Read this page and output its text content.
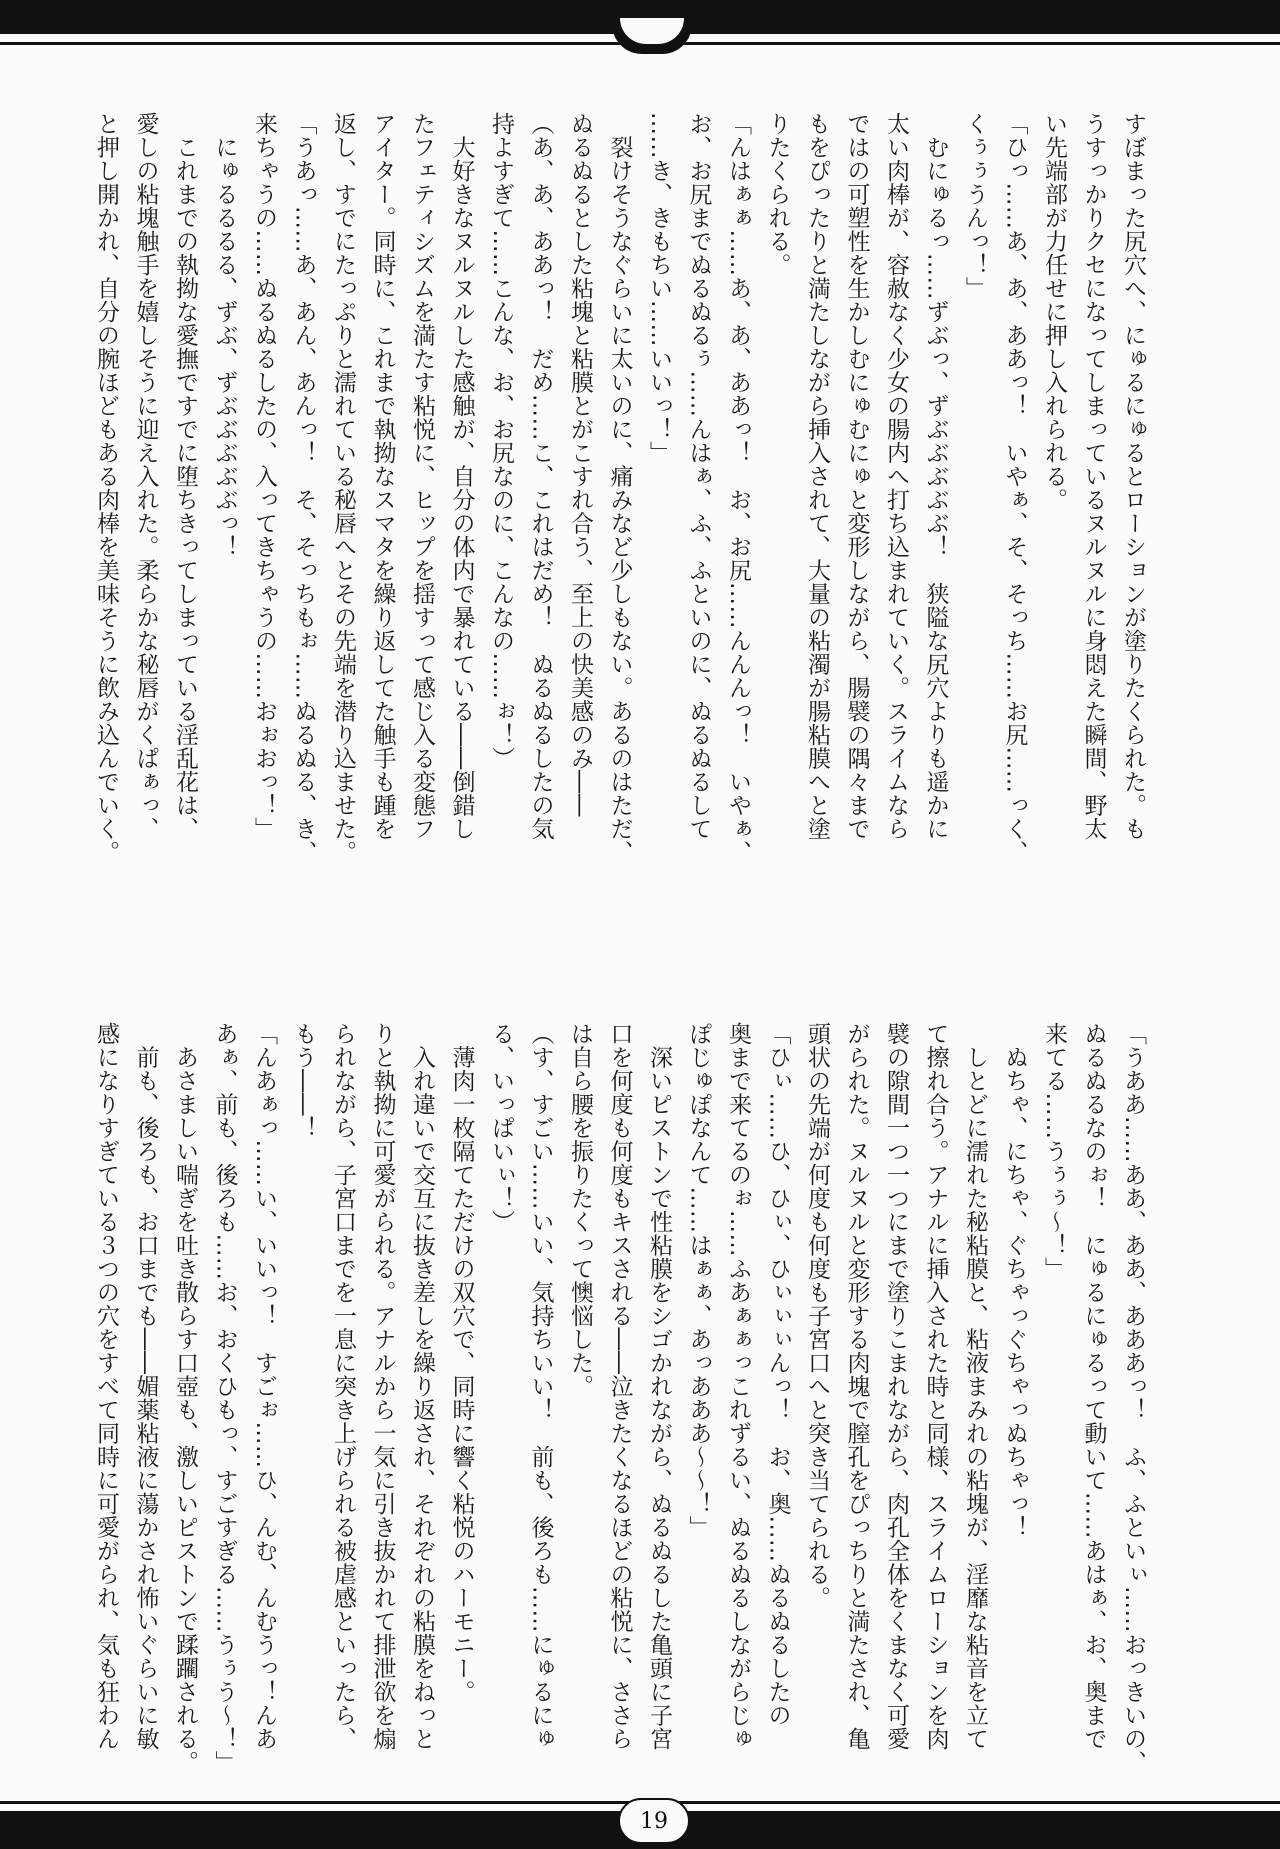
すぼまった尻穴へ、にゅるにゅるとローションが塗りたくられた。も

うすっかりクセになってしまっているヌルヌルに身悶えた瞬間、野太

い先端部が力任せに押し入れられる。

「ひっ……あ、あ、ああっ！　いやぁ、そ、そっち……お尻……っく、

くぅぅうんっ！」

　むにゅるっ……ずぶっ、ずぶぶぶぶぶ！　狭隘な尻穴よりも遥かに

太い肉棒が、容赦なく少女の腸内へ打ち込まれていく。スライムなら

ではの可塑性を生かしむにゅむにゅと変形しながら、腸襞の隅々まで

もをぴったりと満たしながら挿入されて、大量の粘濁が腸粘膜へと塗

りたくられる。

「んはぁぁ……あ、あ、ああっ！　お、お尻……んんんっ！　いやぁ、

お、お尻までぬるぬるぅ……んはぁ、ふ、ふといのに、ぬるぬるして

……き、きもちい……いいっ！」

　裂けそうなぐらいに太いのに、痛みなど少しもない。あるのはただ、

ぬるぬるとした粘塊と粘膜とがこすれ合う、至上の快美感のみ――

（あ、あ、ああっ！　だめ……こ、これはだめ！　ぬるぬるしたの気

持よすぎて……こんな、お、お尻なのに、こんなの……ぉ！）

　大好きなヌルヌルした感触が、自分の体内で暴れている――倒錯し

たフェティシズムを満たす粘悦に、ヒップを揺すって感じ入る変態フ

アイター。同時に、これまで執拗なスマタを繰り返してた触手も踵を

返し、すでにたっぷりと濡れている秘唇へとその先端を潜り込ませた。

「うあっ……あ、あん、あんっ！　そ、そっちもぉ……ぬるぬる、き、

来ちゃうの……ぬるぬるしたの、入ってきちゃうの……おぉおっ！」

　にゅるるるる、ずぶ、ずぶぶぶぶぶっ！

　これまでの執拗な愛撫ですでに堕ちきってしまっている淫乱花は、

愛しの粘塊触手を嬉しそうに迎え入れた。柔らかな秘唇がくぱぁっ、

と押し開かれ、自分の腕ほどもある肉棒を美味そうに飲み込んでいく。

「うああ……ああ、ああ、あああっ！　ふ、ふといぃ……おっきいの、

ぬるぬるなのぉ！　にゅるにゅるって動いて……あはぁ、お、奥まで

来てる……うぅぅ～！」

　ぬちゃ、にちゃ、ぐちゃっぐちゃっぬちゃっ！

　しとどに濡れた秘粘膜と、粘液まみれの粘塊が、淫靡な粘音を立て

て擦れ合う。アナルに挿入された時と同様、スライムローションを肉

襞の隙間一つ一つにまで塗りこまれながら、肉孔全体をくまなく可愛

がられた。ヌルヌルと変形する肉塊で膣孔をぴっちりと満たされ、亀

頭状の先端が何度も何度も子宮口へと突き当てられる。

「ひぃ……ひ、ひぃ、ひぃぃぃんっ！　お、奥……ぬるぬるしたの

奥まで来てるのぉ……ふあぁぁっこれずるい、ぬるぬるしながらじゅ

ぽじゅぽなんて……はぁぁ、あっあああ～～！」

　深いピストンで性粘膜をシゴかれながら、ぬるぬるした亀頭に子宮

口を何度も何度もキスされる――泣きたくなるほどの粘悦に、ささら

は自ら腰を振りたくって懊悩した。

（す、すごい……いい、気持ちいい！　前も、後ろも……にゅるにゅ

る、いっぱいぃ！）

　薄肉一枚隔てただけの双穴で、同時に響く粘悦のハーモニー。

　入れ違いで交互に抜き差しを繰り返され、それぞれの粘膜をねっと

りと執拗に可愛がられる。アナルから一気に引き抜かれて排泄欲を煽

られながら、子宮口までを一息に突き上げられる被虐感といったら、

もう――！

「んあぁっ……い、いいっ！　すごぉ……ひ、んむ、んむうっ！んあ

あぁ、前も、後ろも……お、おくひもっ、すごすぎる……うぅう～！」

　あさましい喘ぎを吐き散らす口壺も、激しいピストンで蹂躙される。

　前も、後ろも、お口までも――媚薬粘液に蕩かされ怖いぐらいに敏

感になりすぎている３つの穴をすべて同時に可愛がられ、気も狂わん

19
